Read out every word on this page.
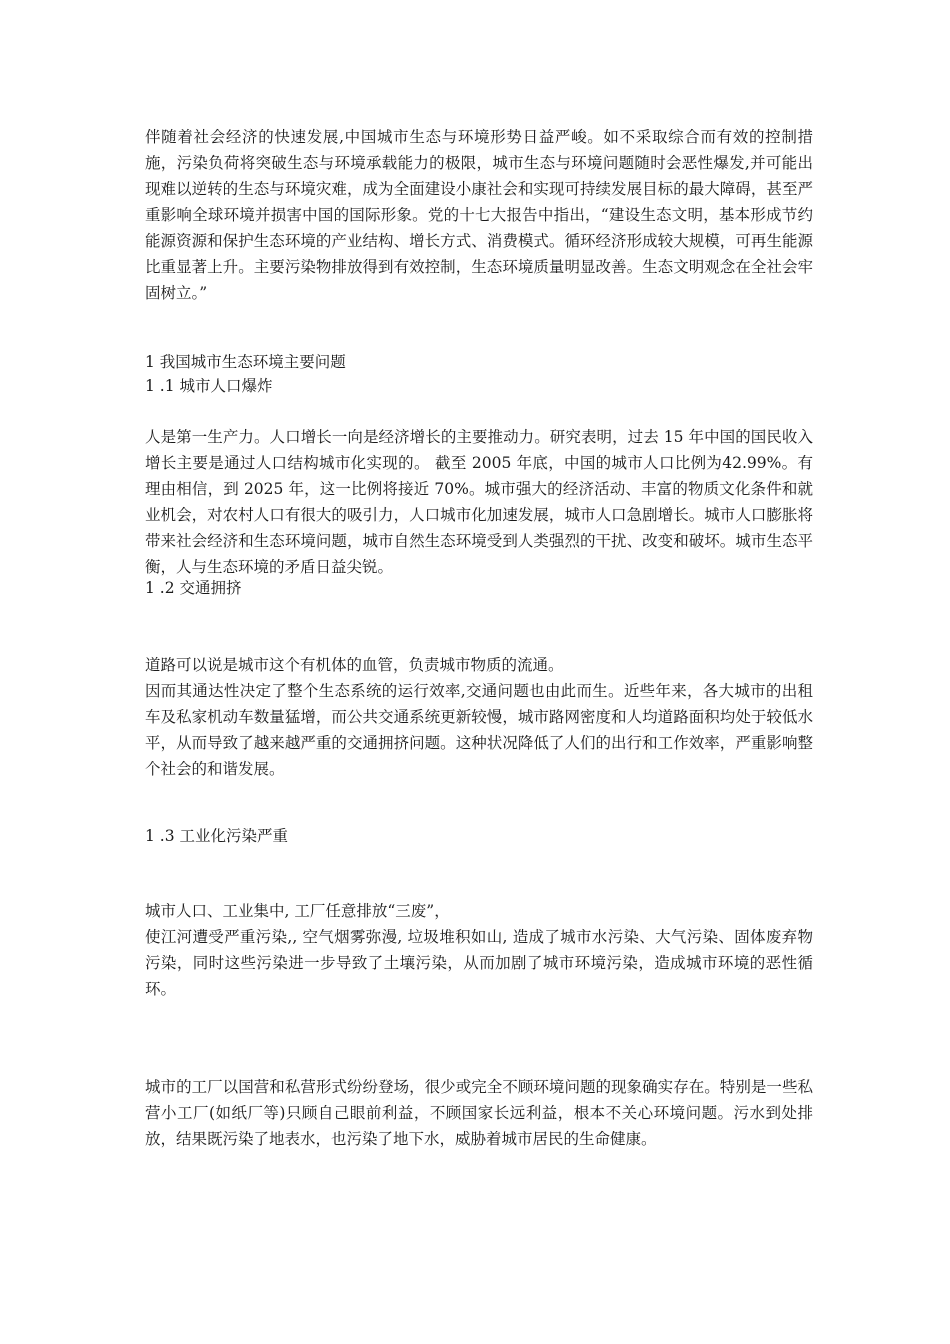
伴随着社会经济的快速发展,中国城市生态与环境形势日益严峻。如不采取综合而有效的控制措施，污染负荷将突破生态与环境承载能力的极限，城市生态与环境问题随时会恶性爆发,并可能出现难以逆转的生态与环境灾难，成为全面建设小康社会和实现可持续发展目标的最大障碍，甚至严重影响全球环境并损害中国的国际形象。党的十七大报告中指出，“建设生态文明，基本形成节约能源资源和保护生态环境的产业结构、增长方式、消费模式。循环经济形成较大规模，可再生能源比重显著上升。主要污染物排放得到有效控制，生态环境质量明显改善。生态文明观念在全社会牢固树立。”

1 我国城市生态环境主要问题
1 .1 城市人口爆炸

人是第一生产力。人口增长一向是经济增长的主要推动力。研究表明，过去 15 年中国的国民收入增长主要是通过人口结构城市化实现的。 截至 2005 年底，中国的城市人口比例为42.99%。有理由相信，到 2025 年，这一比例将接近 70%。城市强大的经济活动、丰富的物质文化条件和就业机会，对农村人口有很大的吸引力，人口城市化加速发展，城市人口急剧增长。城市人口膨胀将带来社会经济和生态环境问题，城市自然生态环境受到人类强烈的干扰、改变和破坏。城市生态平衡，人与生态环境的矛盾日益尖锐。

1 .2 交通拥挤

道路可以说是城市这个有机体的血管，负责城市物质的流通。

因而其通达性决定了整个生态系统的运行效率,交通问题也由此而生。近些年来，各大城市的出租车及私家机动车数量猛增，而公共交通系统更新较慢，城市路网密度和人均道路面积均处于较低水平，从而导致了越来越严重的交通拥挤问题。这种状况降低了人们的出行和工作效率，严重影响整个社会的和谐发展。

1 .3 工业化污染严重

城市人口、工业集中, 工厂任意排放“三废”，

使江河遭受严重污染,, 空气烟雾弥漫, 垃圾堆积如山, 造成了城市水污染、大气污染、固体废弃物污染，同时这些污染进一步导致了土壤污染，从而加剧了城市环境污染，造成城市环境的恶性循环。

城市的工厂以国营和私营形式纷纷登场，很少或完全不顾环境问题的现象确实存在。特别是一些私营小工厂(如纸厂等)只顾自己眼前利益，不顾国家长远利益，根本不关心环境问题。污水到处排放，结果既污染了地表水，也污染了地下水，威胁着城市居民的生命健康。
